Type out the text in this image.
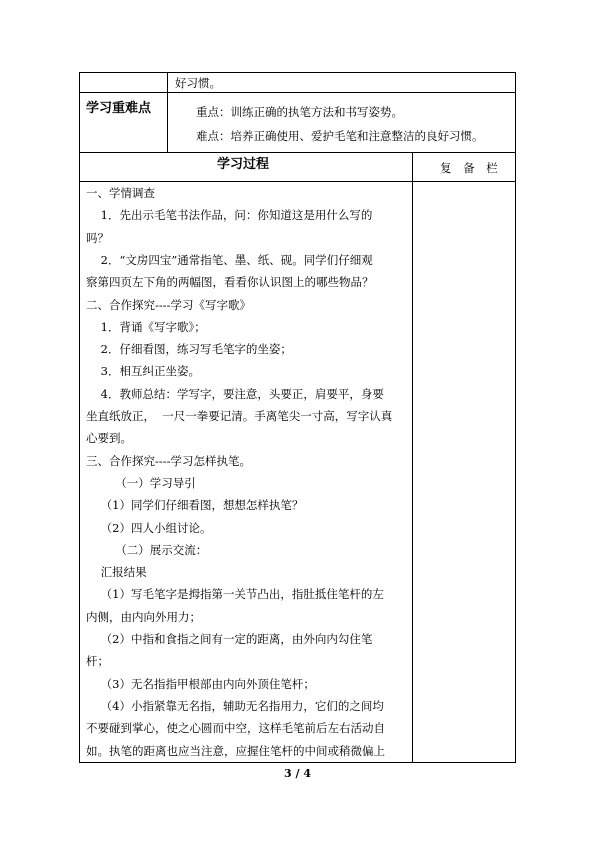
好习惯。
学习重难点	重点：训练正确的执笔方法和书写姿势。
难点：培养正确使用、爱护毛笔和注意整洁的良好习惯。
学习过程	复 备 栏
一、学情调查
1．先出示毛笔书法作品，问：你知道这是用什么写的
吗？
2．“文房四宝”通常指笔、墨、纸、砚。同学们仔细观
察第四页左下角的两幅图，看看你认识图上的哪些物品？
二、合作探究----学习《写字歌》
1．背诵《写字歌》；
2．仔细看图，练习写毛笔字的坐姿；
3．相互纠正坐姿。
4．教师总结：学写字，要注意，头要正，肩要平，身要
坐直纸放正，  一尺一拳要记清。手离笔尖一寸高，写字认真
心要到。
三、合作探究----学习怎样执笔。
（一）学习导引
（1）同学们仔细看图，想想怎样执笔？
（2）四人小组讨论。
（二）展示交流：
汇报结果
（1）写毛笔字是拇指第一关节凸出，指肚抵住笔杆的左
内侧，由内向外用力；
（2）中指和食指之间有一定的距离，由外向内勾住笔
杆；
（3）无名指指甲根部由内向外顶住笔杆；
（4）小指紧靠无名指，辅助无名指用力，它们的之间均
不要碰到掌心，使之心圆而中空，这样毛笔前后左右活动自
如。执笔的距离也应当注意，应握住笔杆的中间或稍微偏上
3 / 4
